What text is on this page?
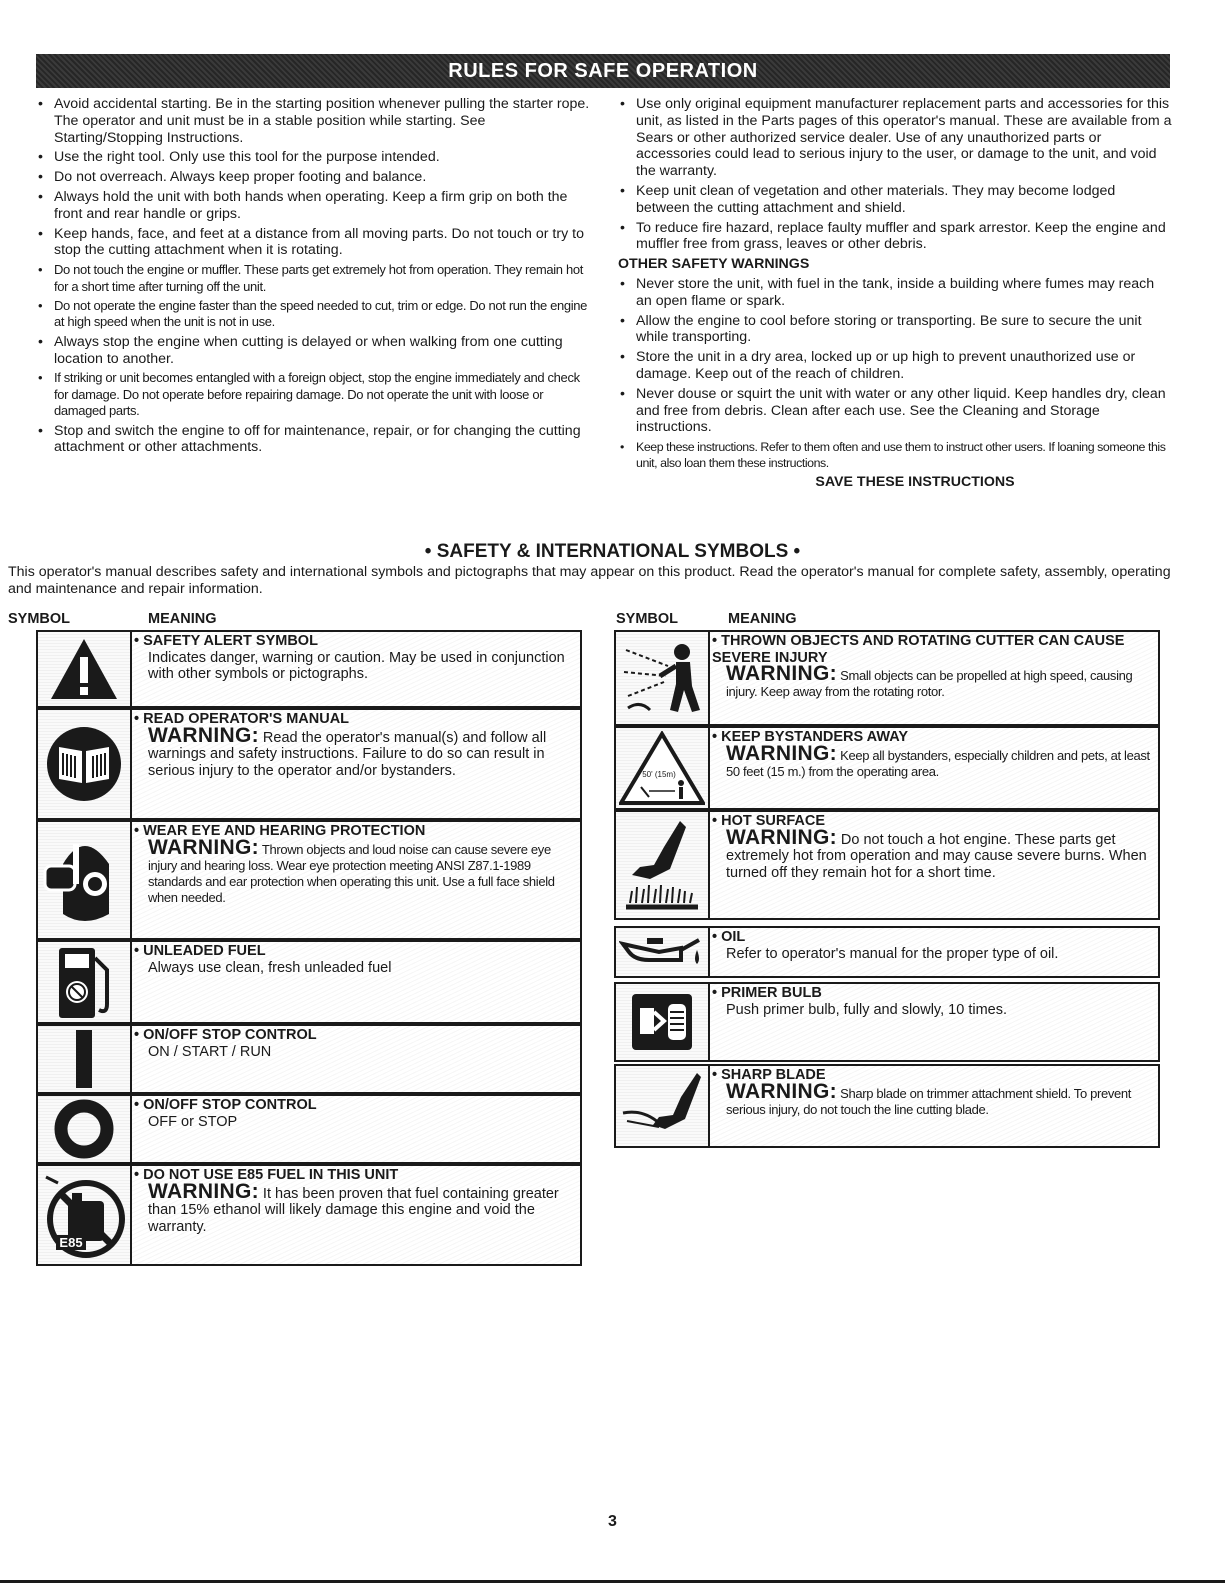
RULES FOR SAFE OPERATION
• Avoid accidental starting. Be in the starting position whenever pulling the starter rope. The operator and unit must be in a stable position while starting. See Starting/Stopping Instructions.
• Use the right tool. Only use this tool for the purpose intended.
• Do not overreach. Always keep proper footing and balance.
• Always hold the unit with both hands when operating. Keep a firm grip on both the front and rear handle or grips.
• Keep hands, face, and feet at a distance from all moving parts. Do not touch or try to stop the cutting attachment when it is rotating.
• Do not touch the engine or muffler. These parts get extremely hot from operation. They remain hot for a short time after turning off the unit.
• Do not operate the engine faster than the speed needed to cut, trim or edge. Do not run the engine at high speed when the unit is not in use.
• Always stop the engine when cutting is delayed or when walking from one cutting location to another.
• If striking or unit becomes entangled with a foreign object, stop the engine immediately and check for damage. Do not operate before repairing damage. Do not operate the unit with loose or damaged parts.
• Stop and switch the engine to off for maintenance, repair, or for changing the cutting attachment or other attachments.
• Use only original equipment manufacturer replacement parts and accessories for this unit, as listed in the Parts pages of this operator's manual. These are available from a Sears or other authorized service dealer. Use of any unauthorized parts or accessories could lead to serious injury to the user, or damage to the unit, and void the warranty.
• Keep unit clean of vegetation and other materials. They may become lodged between the cutting attachment and shield.
• To reduce fire hazard, replace faulty muffler and spark arrestor. Keep the engine and muffler free from grass, leaves or other debris.
OTHER SAFETY WARNINGS
• Never store the unit, with fuel in the tank, inside a building where fumes may reach an open flame or spark.
• Allow the engine to cool before storing or transporting. Be sure to secure the unit while transporting.
• Store the unit in a dry area, locked up or up high to prevent unauthorized use or damage. Keep out of the reach of children.
• Never douse or squirt the unit with water or any other liquid. Keep handles dry, clean and free from debris. Clean after each use. See the Cleaning and Storage instructions.
• Keep these instructions. Refer to them often and use them to instruct other users. If loaning someone this unit, also loan them these instructions.
SAVE THESE INSTRUCTIONS
• SAFETY & INTERNATIONAL SYMBOLS •
This operator's manual describes safety and international symbols and pictographs that may appear on this product. Read the operator's manual for complete safety, assembly, operating and maintenance and repair information.
SYMBOL	MEANING	SYMBOL	MEANING
• SAFETY ALERT SYMBOL
Indicates danger, warning or caution. May be used in conjunction with other symbols or pictographs.
• READ OPERATOR'S MANUAL
WARNING: Read the operator's manual(s) and follow all warnings and safety instructions. Failure to do so can result in serious injury to the operator and/or bystanders.
• WEAR EYE AND HEARING PROTECTION
WARNING: Thrown objects and loud noise can cause severe eye injury and hearing loss. Wear eye protection meeting ANSI Z87.1-1989 standards and ear protection when operating this unit. Use a full face shield when needed.
• UNLEADED FUEL
Always use clean, fresh unleaded fuel
• ON/OFF STOP CONTROL
ON / START / RUN
• ON/OFF STOP CONTROL
OFF or STOP
E85
• DO NOT USE E85 FUEL IN THIS UNIT
WARNING: It has been proven that fuel containing greater than 15% ethanol will likely damage this engine and void the warranty.
• THROWN OBJECTS AND ROTATING CUTTER CAN CAUSE SEVERE INJURY
WARNING: Small objects can be propelled at high speed, causing injury. Keep away from the rotating rotor.
50' (15m)
• KEEP BYSTANDERS AWAY
WARNING: Keep all bystanders, especially children and pets, at least 50 feet (15 m.) from the operating area.
• HOT SURFACE
WARNING: Do not touch a hot engine. These parts get extremely hot from operation and may cause severe burns. When turned off they remain hot for a short time.
• OIL
Refer to operator's manual for the proper type of oil.
• PRIMER BULB
Push primer bulb, fully and slowly, 10 times.
• SHARP BLADE
WARNING: Sharp blade on trimmer attachment shield. To prevent serious injury, do not touch the line cutting blade.
3
